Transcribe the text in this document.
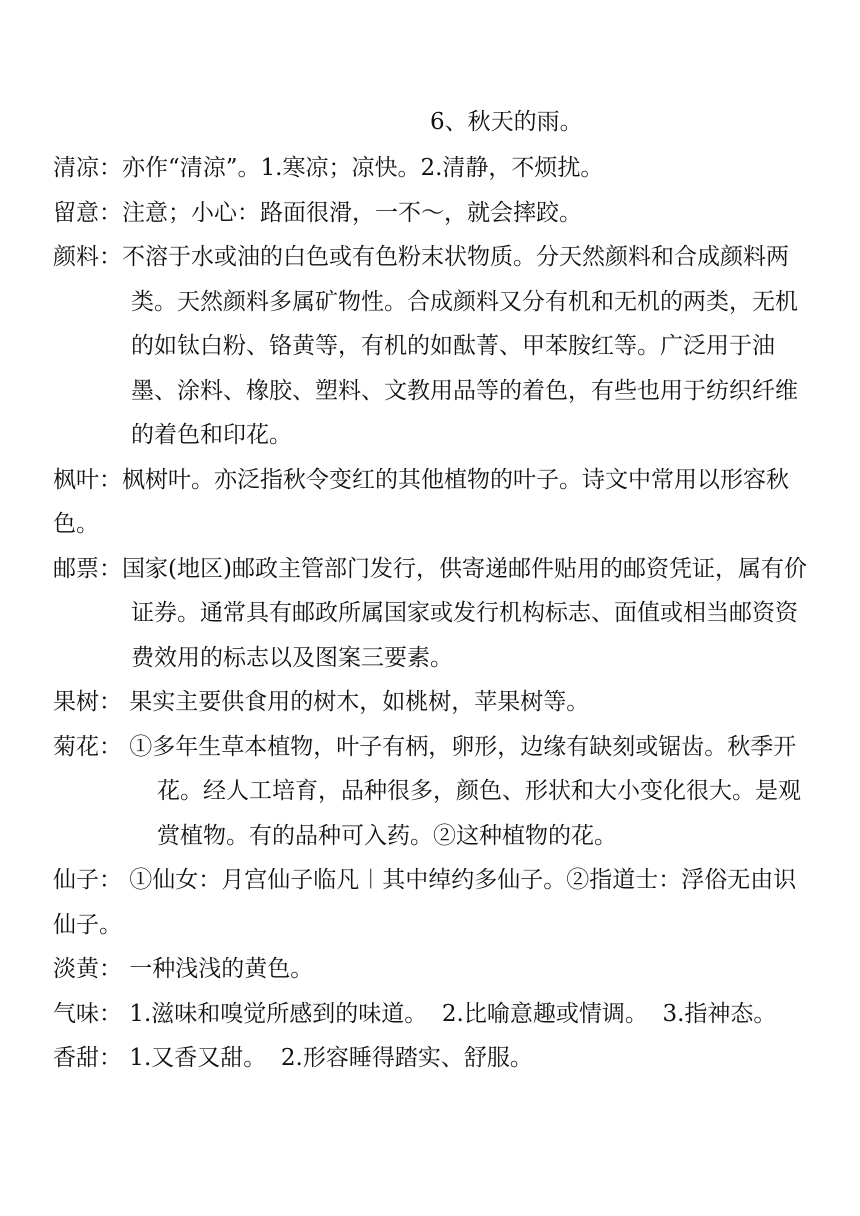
6、秋天的雨。

清凉：亦作“清涼”。1.寒凉；凉快。2.清静，不烦扰。

留意：注意；小心：路面很滑，一不～，就会摔跤。

颜料：不溶于水或油的白色或有色粉末状物质。分天然颜料和合成颜料两类。天然颜料多属矿物性。合成颜料又分有机和无机的两类，无机的如钛白粉、铬黄等，有机的如酞菁、甲苯胺红等。广泛用于油墨、涂料、橡胶、塑料、文教用品等的着色，有些也用于纺织纤维的着色和印花。

枫叶：枫树叶。亦泛指秋令变红的其他植物的叶子。诗文中常用以形容秋色。

邮票：国家(地区)邮政主管部门发行，供寄递邮件贴用的邮资凭证，属有价证券。通常具有邮政所属国家或发行机构标志、面值或相当邮资资费效用的标志以及图案三要素。

果树： 果实主要供食用的树木，如桃树，苹果树等。

菊花： ①多年生草本植物，叶子有柄，卵形，边缘有缺刻或锯齿。秋季开花。经人工培育，品种很多，颜色、形状和大小变化很大。是观赏植物。有的品种可入药。②这种植物的花。

仙子： ①仙女：月宫仙子临凡︱其中绰约多仙子。②指道士：浮俗无由识仙子。

淡黄： 一种浅浅的黄色。

气味： 1.滋味和嗅觉所感到的味道。  2.比喻意趣或情调。  3.指神态。

香甜： 1.又香又甜。  2.形容睡得踏实、舒服。
